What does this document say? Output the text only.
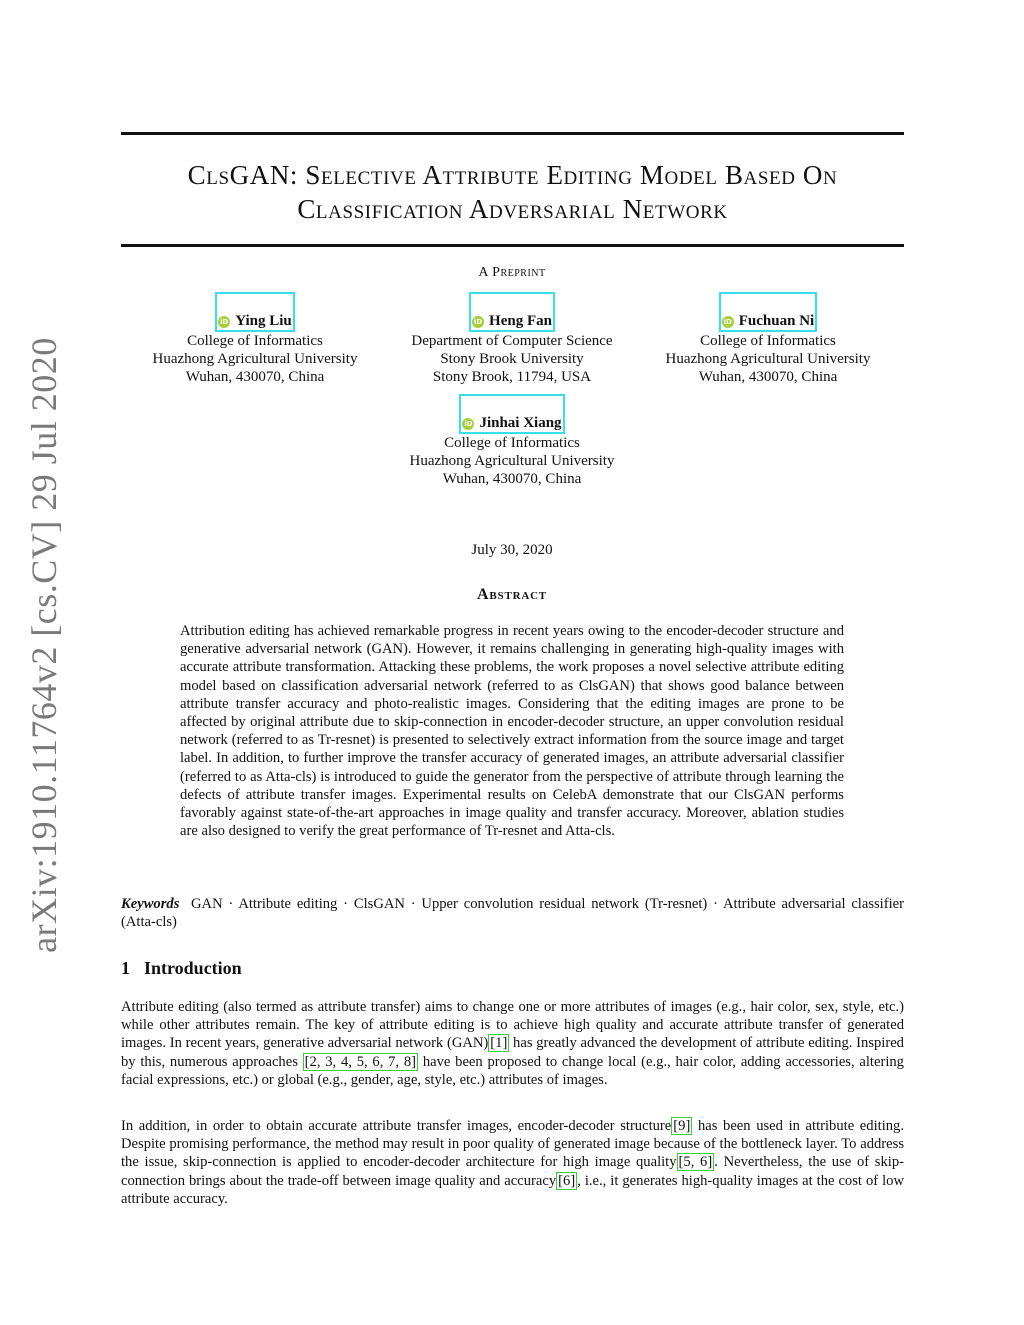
arXiv:1910.11764v2 [cs.CV] 29 Jul 2020
ClsGAN: Selective Attribute Editing Model Based On
Classification Adversarial Network
A Preprint
iD Ying Liu
College of Informatics
Huazhong Agricultural University
Wuhan, 430070, China
iD Heng Fan
Department of Computer Science
Stony Brook University
Stony Brook, 11794, USA
iD Fuchuan Ni
College of Informatics
Huazhong Agricultural University
Wuhan, 430070, China
iD Jinhai Xiang
College of Informatics
Huazhong Agricultural University
Wuhan, 430070, China
July 30, 2020
Abstract
Attribution editing has achieved remarkable progress in recent years owing to the encoder-decoder structure and generative adversarial network (GAN). However, it remains challenging in generating high-quality images with accurate attribute transformation. Attacking these problems, the work proposes a novel selective attribute editing model based on classification adversarial network (referred to as ClsGAN) that shows good balance between attribute transfer accuracy and photo-realistic images. Considering that the editing images are prone to be affected by original attribute due to skip-connection in encoder-decoder structure, an upper convolution residual network (referred to as Tr-resnet) is presented to selectively extract information from the source image and target label. In addition, to further improve the transfer accuracy of generated images, an attribute adversarial classifier (referred to as Atta-cls) is introduced to guide the generator from the perspective of attribute through learning the defects of attribute transfer images. Experimental results on CelebA demonstrate that our ClsGAN performs favorably against state-of-the-art approaches in image quality and transfer accuracy. Moreover, ablation studies are also designed to verify the great performance of Tr-resnet and Atta-cls.
Keywords GAN · Attribute editing · ClsGAN · Upper convolution residual network (Tr-resnet) · Attribute adversarial classifier (Atta-cls)
1 Introduction
Attribute editing (also termed as attribute transfer) aims to change one or more attributes of images (e.g., hair color, sex, style, etc.) while other attributes remain. The key of attribute editing is to achieve high quality and accurate attribute transfer of generated images. In recent years, generative adversarial network (GAN) [1] has greatly advanced the development of attribute editing. Inspired by this, numerous approaches [2, 3, 4, 5, 6, 7, 8] have been proposed to change local (e.g., hair color, adding accessories, altering facial expressions, etc.) or global (e.g., gender, age, style, etc.) attributes of images.
In addition, in order to obtain accurate attribute transfer images, encoder-decoder structure [9] has been used in attribute editing. Despite promising performance, the method may result in poor quality of generated image because of the bottleneck layer. To address the issue, skip-connection is applied to encoder-decoder architecture for high image quality [5, 6] . Nevertheless, the use of skip-connection brings about the trade-off between image quality and accuracy [6] , i.e., it generates high-quality images at the cost of low attribute accuracy.
